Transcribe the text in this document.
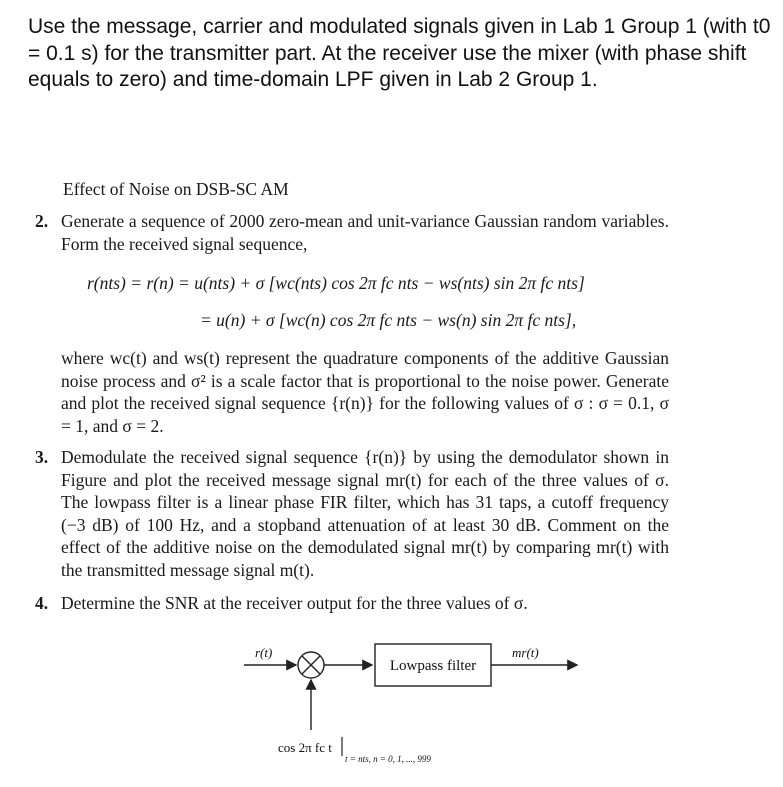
Use the message, carrier and modulated signals given in Lab 1 Group 1 (with t0 = 0.1 s) for the transmitter part. At the receiver use the mixer (with phase shift equals to zero) and time-domain LPF given in Lab 2 Group 1.

Effect of Noise on DSB-SC AM
2. Generate a sequence of 2000 zero-mean and unit-variance Gaussian random variables. Form the received signal sequence,
r(nts) = r(n) = u(nts) + σ [wc(nts) cos 2π fc nts − ws(nts) sin 2π fc nts]
= u(n) + σ [wc(n) cos 2π fc nts − ws(n) sin 2π fc nts],
where wc(t) and ws(t) represent the quadrature components of the additive Gaussian noise process and σ² is a scale factor that is proportional to the noise power. Generate and plot the received signal sequence {r(n)} for the following values of σ : σ = 0.1, σ = 1, and σ = 2.
3. Demodulate the received signal sequence {r(n)} by using the demodulator shown in Figure and plot the received message signal mr(t) for each of the three values of σ. The lowpass filter is a linear phase FIR filter, which has 31 taps, a cutoff frequency (−3 dB) of 100 Hz, and a stopband attenuation of at least 30 dB. Comment on the effect of the additive noise on the demodulated signal mr(t) by comparing mr(t) with the transmitted message signal m(t).
4. Determine the SNR at the receiver output for the three values of σ.
Lowpass filter
r(t)	mr(t)
cos 2π fc t
t = nts, n = 0, 1, ..., 999
